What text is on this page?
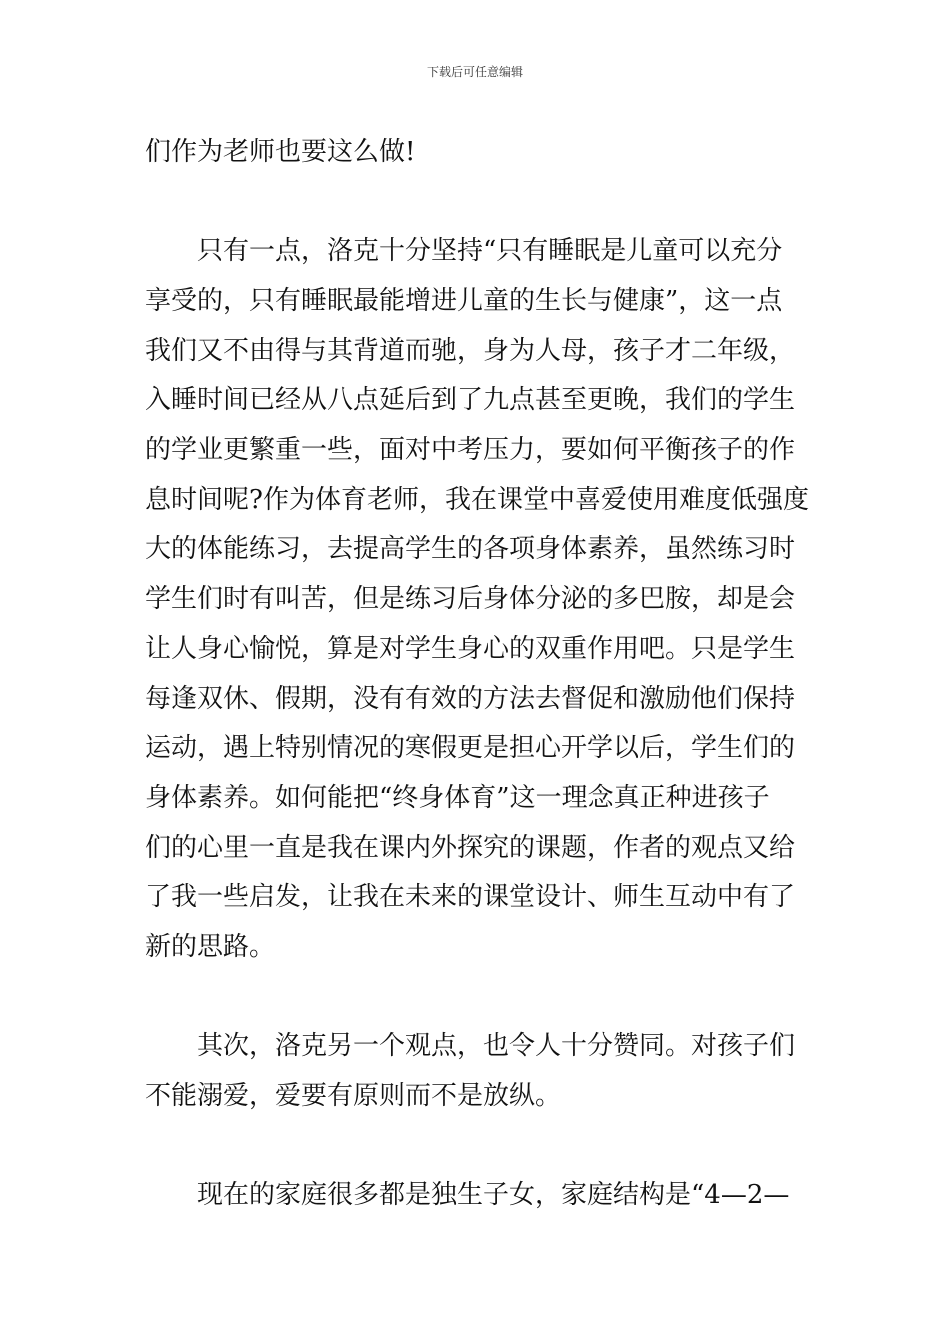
下载后可任意编辑

们作为老师也要这么做!

只有一点，洛克十分坚持“只有睡眠是儿童可以充分
享受的，只有睡眠最能增进儿童的生长与健康”，这一点
我们又不由得与其背道而驰，身为人母，孩子才二年级，
入睡时间已经从八点延后到了九点甚至更晚，我们的学生
的学业更繁重一些，面对中考压力，要如何平衡孩子的作
息时间呢?作为体育老师，我在课堂中喜爱使用难度低强度
大的体能练习，去提高学生的各项身体素养，虽然练习时
学生们时有叫苦，但是练习后身体分泌的多巴胺，却是会
让人身心愉悦，算是对学生身心的双重作用吧。只是学生
每逢双休、假期，没有有效的方法去督促和激励他们保持
运动，遇上特别情况的寒假更是担心开学以后，学生们的
身体素养。如何能把“终身体育”这一理念真正种进孩子
们的心里一直是我在课内外探究的课题，作者的观点又给
了我一些启发，让我在未来的课堂设计、师生互动中有了
新的思路。

其次，洛克另一个观点，也令人十分赞同。对孩子们
不能溺爱，爱要有原则而不是放纵。

现在的家庭很多都是独生子女，家庭结构是“4—2—
